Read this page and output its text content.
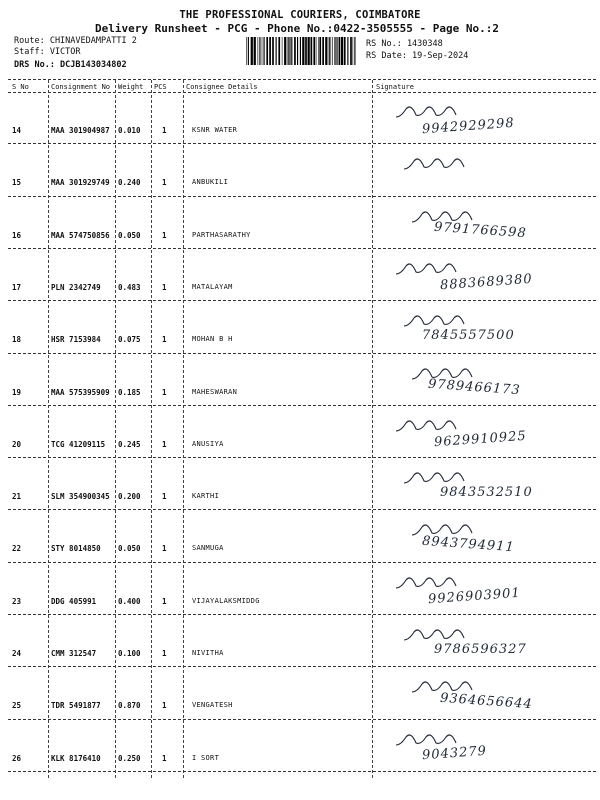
THE PROFESSIONAL COURIERS, COIMBATORE
Delivery Runsheet - PCG - Phone No.:0422-3505555 - Page No.:2
Route: CHINAVEDAMPATTI 2
Staff: VICTOR
DRS No.: DCJB143034802
RS No.: 1430348
RS Date: 19-Sep-2024
S No	Consignment No Weight PCS	Consignee Details	Signature
14	MAA 301904987 0.010	1	KSNR WATER	9942929298
15	MAA 301929749 0.240	1	ANBUKILI
16	MAA 574750856 0.050	1	PARTHASARATHY	9791766598
17	PLN 2342749 0.483	1	MATALAYAM	8883689380
18	HSR 7153984 0.075	1	MOHAN B H	7845557500
19	MAA 575395909 0.185	1	MAHESWARAN	9789466173
20	TCG 41209115 0.245	1	ANUSIYA	9629910925
21	SLM 354900345 0.200	1	KARTHI	9843532510
22	STY 8014850 0.050	1	SANMUGA	8943794911
23	DDG 405991	0.400	1	VIJAYALAKSMIDDG	9926903901
24	CMM 312547	0.100	1	NIVITHA	9786596327
25	TDR 5491877 0.870	1	VENGATESH	9364656644
26	KLK 8176410 0.250	1	I SORT	9043279
